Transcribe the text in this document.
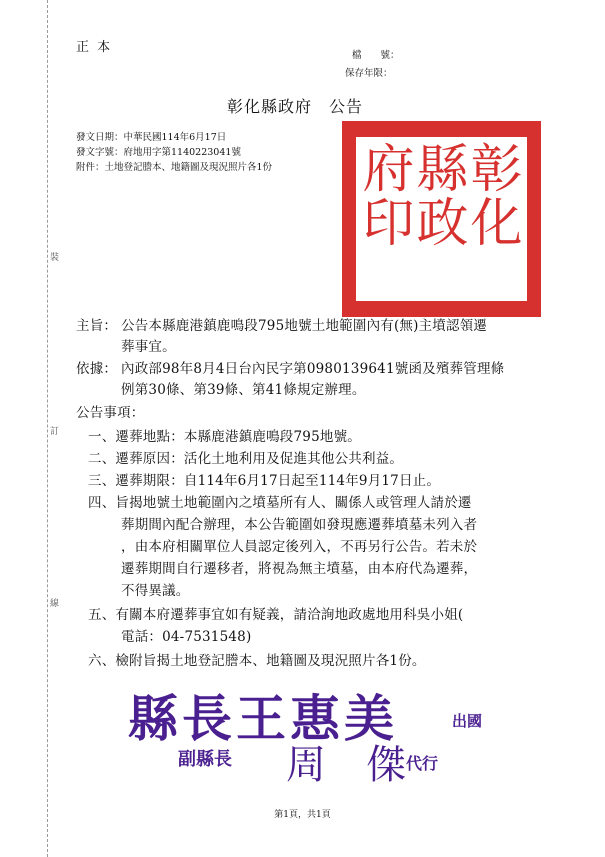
裝
訂
線
正 本
檔　　號：
保存年限：
彰化縣政府　公告
發文日期：中華民國114年6月17日
發文字號：府地用字第1140223041號
附件：土地登記謄本、地籍圖及現況照片各1份	彰化
縣政
府印
主旨： 公告本縣鹿港鎮鹿鳴段795地號土地範圍內有(無)主墳認領遷
葬事宜。
依據： 內政部98年8月4日台內民字第0980139641號函及殯葬管理條
例第30條、第39條、第41條規定辦理。
公告事項：
一、遷葬地點：本縣鹿港鎮鹿鳴段795地號。
二、遷葬原因：活化土地利用及促進其他公共利益。
三、遷葬期限：自114年6月17日起至114年9月17日止。
四、旨揭地號土地範圍內之墳墓所有人、關係人或管理人請於遷
葬期間內配合辦理，本公告範圍如發現應遷葬墳墓未列入者
，由本府相關單位人員認定後列入，不再另行公告。若未於
遷葬期間自行遷移者，將視為無主墳墓，由本府代為遷葬，
不得異議。
五、有關本府遷葬事宜如有疑義，請洽詢地政處地用科吳小姐(
電話：04-7531548)
六、檢附旨揭土地登記謄本、地籍圖及現況照片各1份。
縣長王惠美	出國
副縣長 周　傑 代行
第1頁，共1頁
